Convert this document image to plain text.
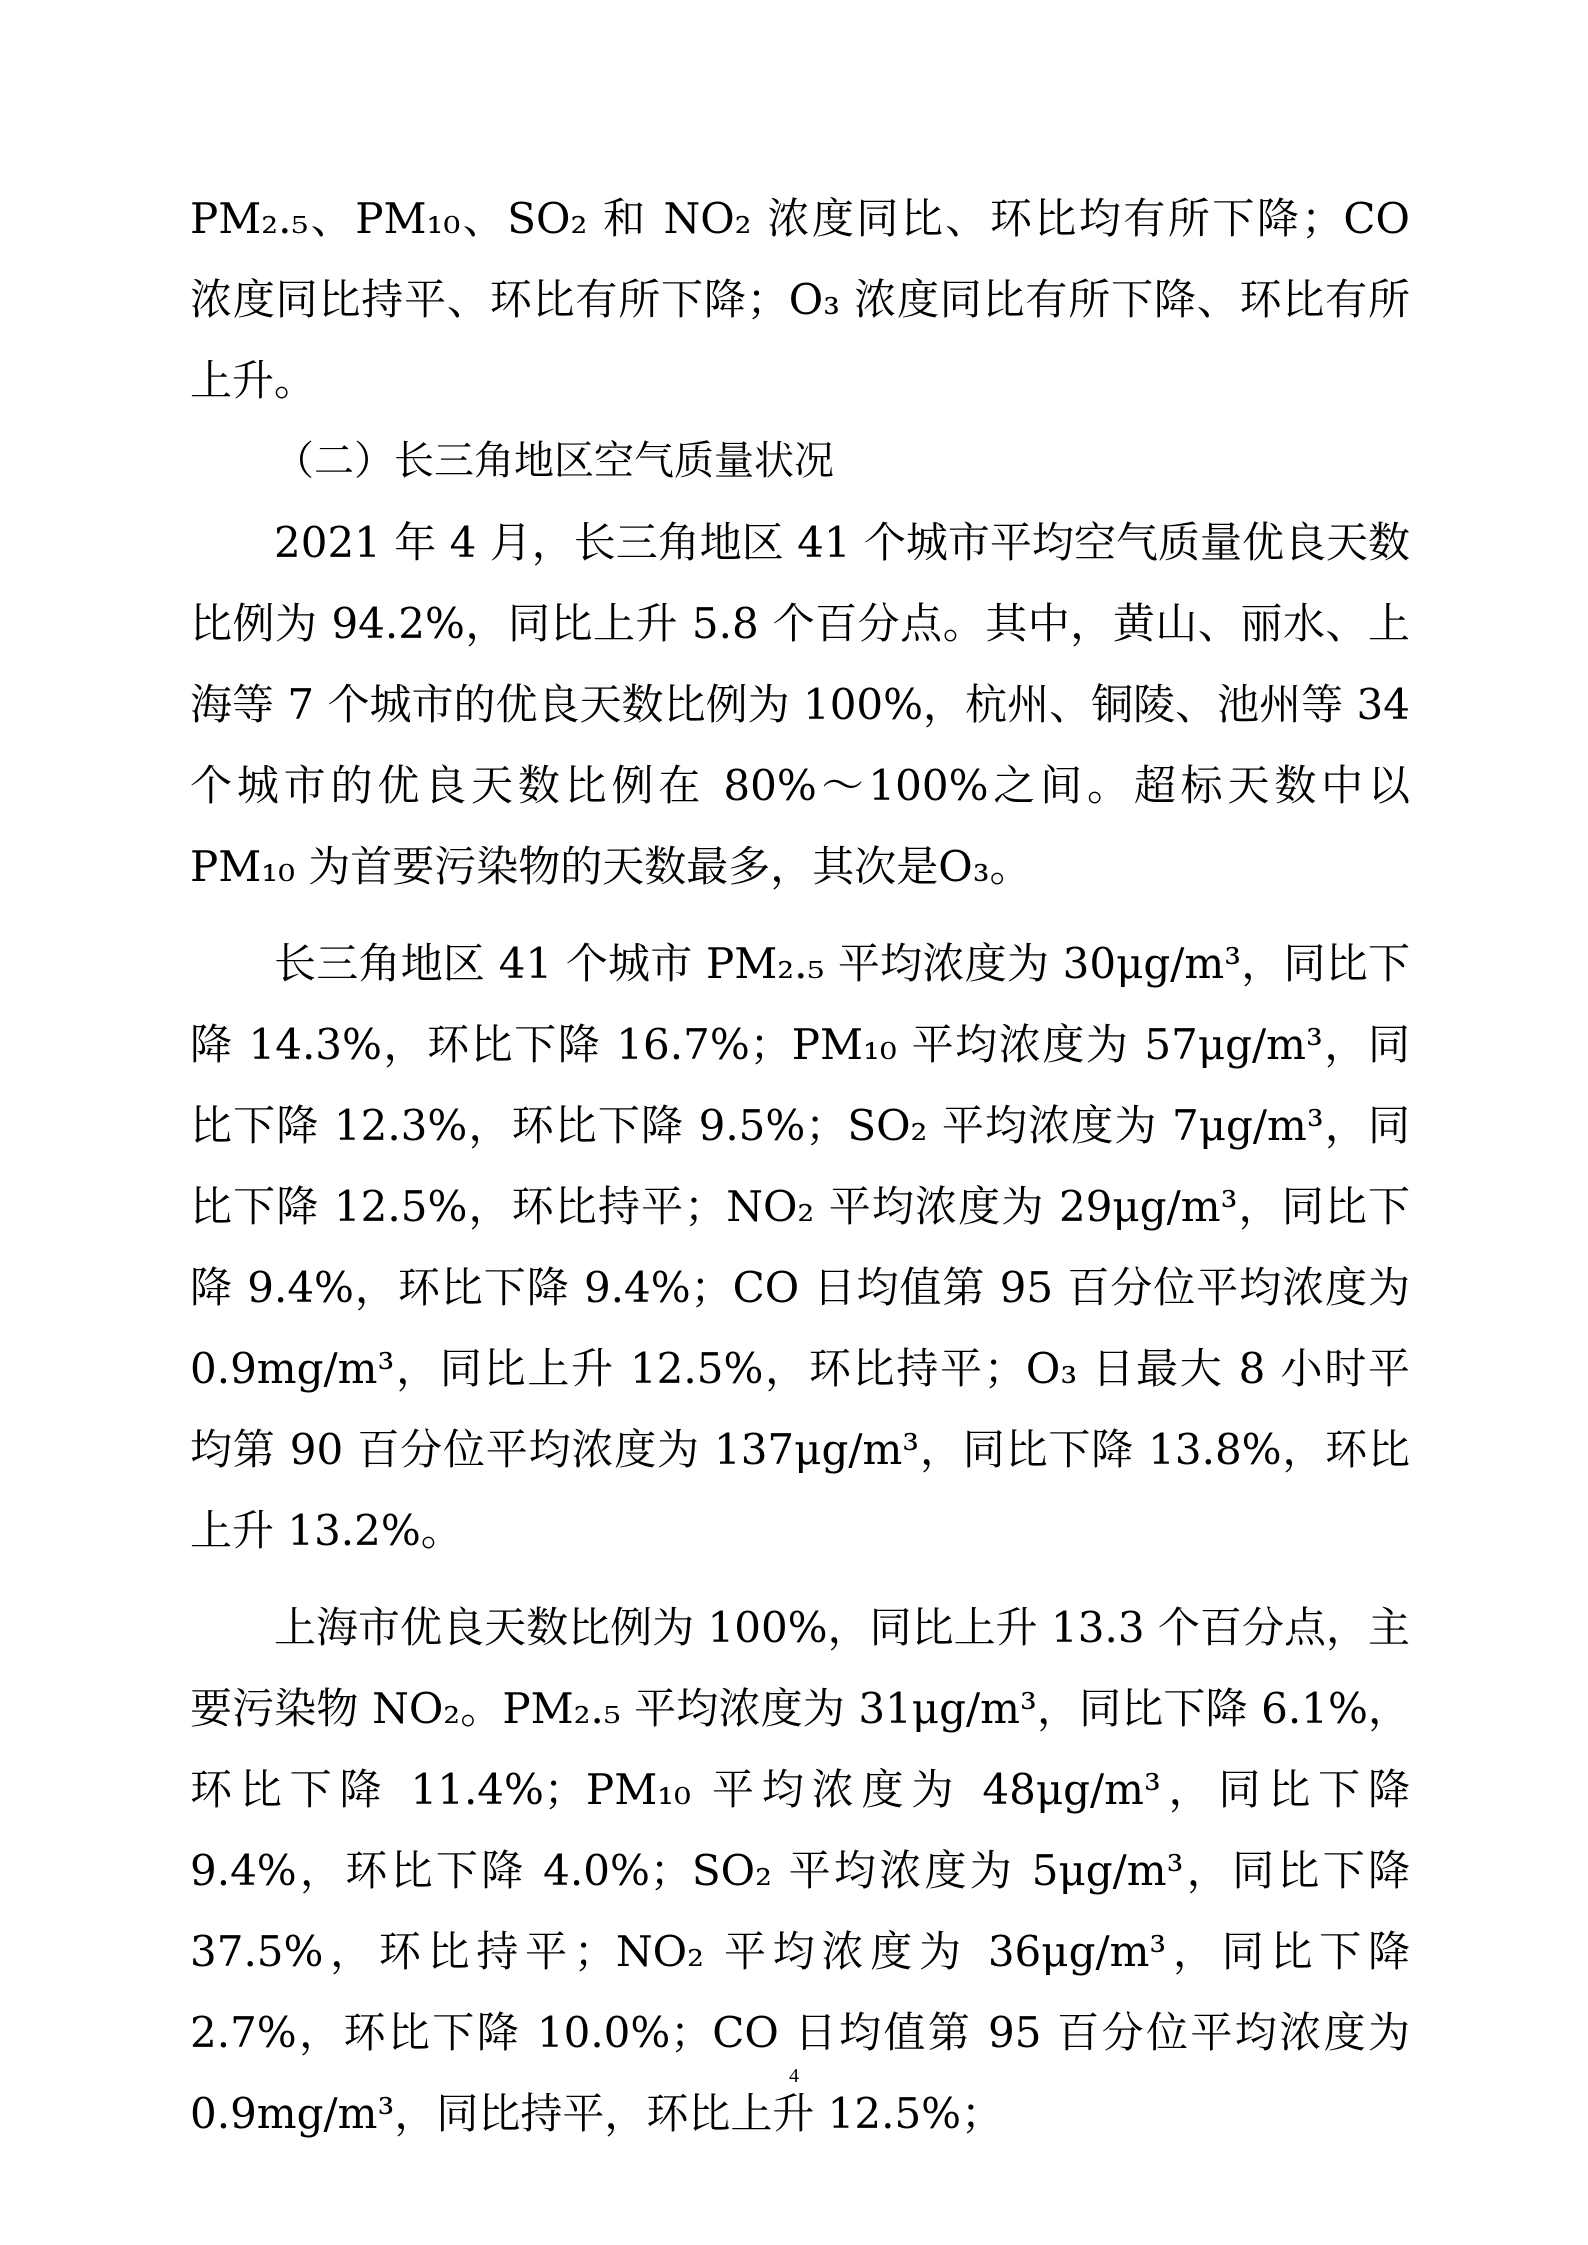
PM₂.₅、PM₁₀、SO₂ 和 NO₂ 浓度同比、环比均有所下降；CO 浓度同比持平、环比有所下降；O₃ 浓度同比有所下降、环比有所上升。

（二）长三角地区空气质量状况

2021 年 4 月，长三角地区 41 个城市平均空气质量优良天数比例为 94.2%，同比上升 5.8 个百分点。其中，黄山、丽水、上海等 7 个城市的优良天数比例为 100%，杭州、铜陵、池州等 34 个城市的优良天数比例在 80%～100%之间。超标天数中以 PM₁₀ 为首要污染物的天数最多，其次是O₃。

长三角地区 41 个城市 PM₂.₅ 平均浓度为 30μg/m³，同比下降 14.3%，环比下降 16.7%；PM₁₀ 平均浓度为 57μg/m³，同比下降 12.3%，环比下降 9.5%；SO₂ 平均浓度为 7μg/m³，同比下降 12.5%，环比持平；NO₂ 平均浓度为 29μg/m³，同比下降 9.4%，环比下降 9.4%；CO 日均值第 95 百分位平均浓度为 0.9mg/m³，同比上升 12.5%，环比持平；O₃ 日最大 8 小时平均第 90 百分位平均浓度为 137μg/m³，同比下降 13.8%，环比上升 13.2%。

上海市优良天数比例为 100%，同比上升 13.3 个百分点，主要污染物 NO₂。PM₂.₅ 平均浓度为 31μg/m³，同比下降 6.1%，环比下降 11.4%；PM₁₀ 平均浓度为 48μg/m³，同比下降 9.4%，环比下降 4.0%；SO₂ 平均浓度为 5μg/m³，同比下降 37.5%，环比持平；NO₂ 平均浓度为 36μg/m³，同比下降 2.7%，环比下降 10.0%；CO 日均值第 95 百分位平均浓度为 0.9mg/m³，同比持平，环比上升 12.5%；

4
